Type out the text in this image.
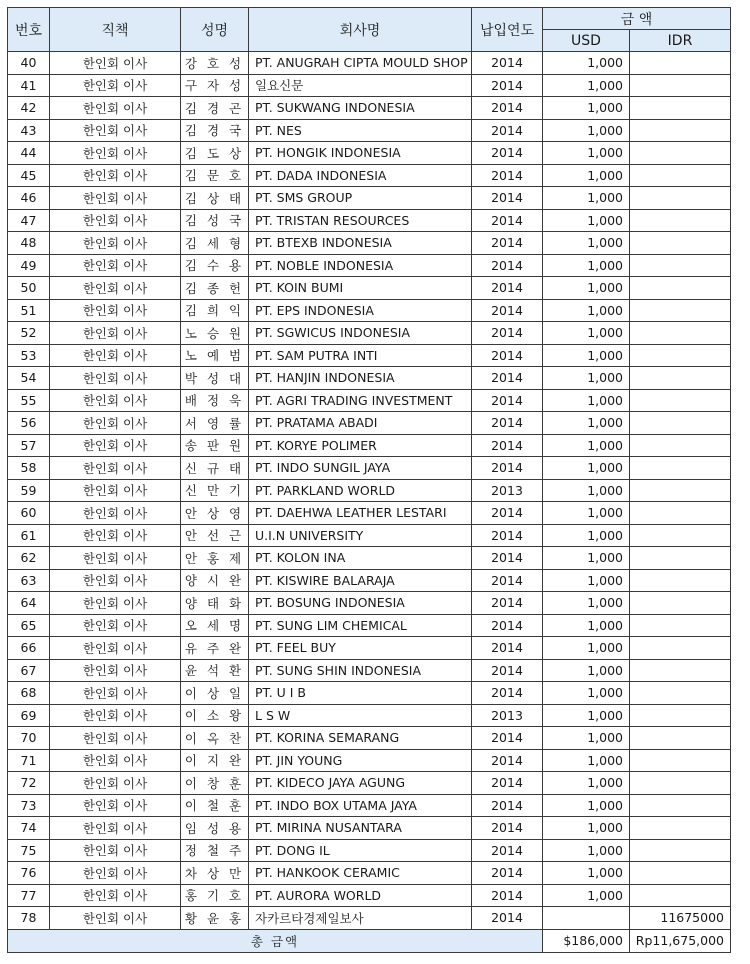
번호	직책	성명	회사명	납입연도	금 액	
					USD	IDR
40	한인회 이사	강 호 성	PT. ANUGRAH CIPTA MOULD SHOP	2014	1,000	
41	한인회 이사	구 자 성	일요신문	2014	1,000	
42	한인회 이사	김 경 곤	PT. SUKWANG INDONESIA	2014	1,000	
43	한인회 이사	김 경 국	PT. NES	2014	1,000	
44	한인회 이사	김 도 상	PT. HONGIK INDONESIA	2014	1,000	
45	한인회 이사	김 문 호	PT. DADA INDONESIA	2014	1,000	
46	한인회 이사	김 상 태	PT. SMS GROUP	2014	1,000	
47	한인회 이사	김 성 국	PT. TRISTAN RESOURCES	2014	1,000	
48	한인회 이사	김 세 형	PT. BTEXB INDONESIA	2014	1,000	
49	한인회 이사	김 수 용	PT. NOBLE INDONESIA	2014	1,000	
50	한인회 이사	김 종 헌	PT. KOIN BUMI	2014	1,000	
51	한인회 이사	김 희 익	PT. EPS INDONESIA	2014	1,000	
52	한인회 이사	노 승 원	PT. SGWICUS INDONESIA	2014	1,000	
53	한인회 이사	노 예 범	PT. SAM PUTRA INTI	2014	1,000	
54	한인회 이사	박 성 대	PT. HANJIN INDONESIA	2014	1,000	
55	한인회 이사	배 정 욱	PT. AGRI TRADING INVESTMENT	2014	1,000	
56	한인회 이사	서 영 률	PT. PRATAMA ABADI	2014	1,000	
57	한인회 이사	송 판 원	PT. KORYE POLIMER	2014	1,000	
58	한인회 이사	신 규 태	PT. INDO SUNGIL JAYA	2014	1,000	
59	한인회 이사	신 만 기	PT. PARKLAND WORLD	2013	1,000	
60	한인회 이사	안 상 영	PT. DAEHWA LEATHER LESTARI	2014	1,000	
61	한인회 이사	안 선 근	U.I.N UNIVERSITY	2014	1,000	
62	한인회 이사	안 홍 제	PT. KOLON INA	2014	1,000	
63	한인회 이사	양 시 완	PT. KISWIRE BALARAJA	2014	1,000	
64	한인회 이사	양 태 화	PT. BOSUNG INDONESIA	2014	1,000	
65	한인회 이사	오 세 명	PT. SUNG LIM CHEMICAL	2014	1,000	
66	한인회 이사	유 주 완	PT. FEEL BUY	2014	1,000	
67	한인회 이사	윤 석 환	PT. SUNG SHIN INDONESIA	2014	1,000	
68	한인회 이사	이 상 일	PT. U I B	2014	1,000	
69	한인회 이사	이 소 왕	L S W	2013	1,000	
70	한인회 이사	이 옥 찬	PT. KORINA SEMARANG	2014	1,000	
71	한인회 이사	이 지 완	PT. JIN YOUNG	2014	1,000	
72	한인회 이사	이 창 훈	PT. KIDECO JAYA AGUNG	2014	1,000	
73	한인회 이사	이 철 훈	PT. INDO BOX UTAMA JAYA	2014	1,000	
74	한인회 이사	임 성 용	PT. MIRINA NUSANTARA	2014	1,000	
75	한인회 이사	정 철 주	PT. DONG IL	2014	1,000	
76	한인회 이사	차 상 만	PT. HANKOOK CERAMIC	2014	1,000	
77	한인회 이사	홍 기 호	PT. AURORA WORLD	2014	1,000	
78	한인회 이사	황 윤 홍	자카르타경제일보사	2014		11675000
총 금액					$186,000	Rp11,675,000
